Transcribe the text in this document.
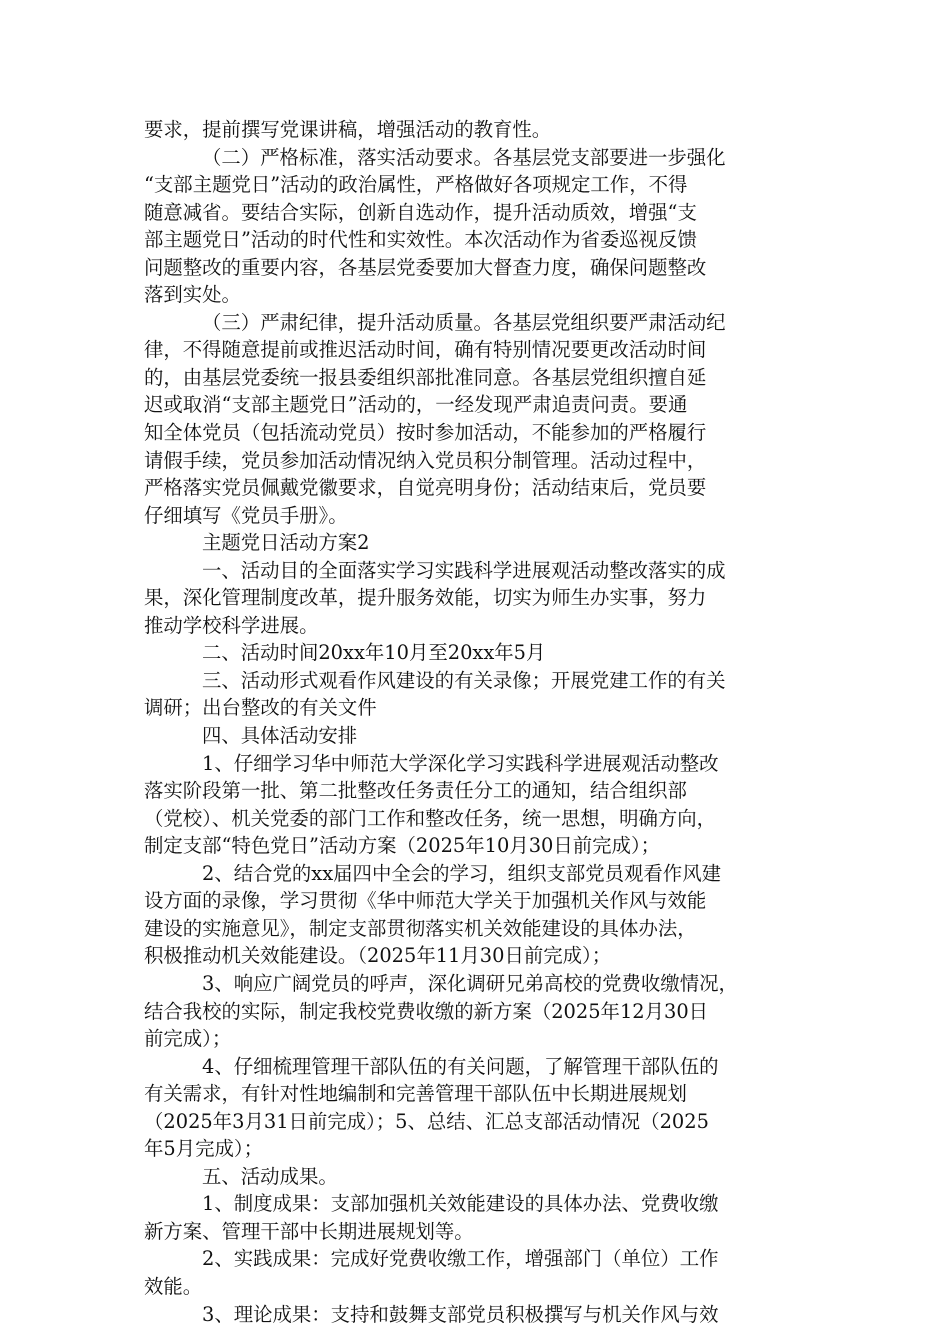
要求，提前撰写党课讲稿，增强活动的教育性。

（二）严格标准，落实活动要求。各基层党支部要进一步强化

“支部主题党日”活动的政治属性，严格做好各项规定工作，不得

随意减省。要结合实际，创新自选动作，提升活动质效，增强“支

部主题党日”活动的时代性和实效性。本次活动作为省委巡视反馈

问题整改的重要内容，各基层党委要加大督查力度，确保问题整改

落到实处。

（三）严肃纪律，提升活动质量。各基层党组织要严肃活动纪

律，不得随意提前或推迟活动时间，确有特别情况要更改活动时间

的，由基层党委统一报县委组织部批准同意。各基层党组织擅自延

迟或取消“支部主题党日”活动的，一经发现严肃追责问责。要通

知全体党员（包括流动党员）按时参加活动，不能参加的严格履行

请假手续，党员参加活动情况纳入党员积分制管理。活动过程中，

严格落实党员佩戴党徽要求，自觉亮明身份；活动结束后，党员要

仔细填写《党员手册》。

主题党日活动方案2

一、活动目的全面落实学习实践科学进展观活动整改落实的成

果，深化管理制度改革，提升服务效能，切实为师生办实事，努力

推动学校科学进展。

二、活动时间20xx年10月至20xx年5月

三、活动形式观看作风建设的有关录像；开展党建工作的有关

调研；出台整改的有关文件

四、具体活动安排

1、仔细学习华中师范大学深化学习实践科学进展观活动整改

落实阶段第一批、第二批整改任务责任分工的通知，结合组织部

（党校）、机关党委的部门工作和整改任务，统一思想，明确方向，

制定支部“特色党日”活动方案（2025年10月30日前完成）；

2、结合党的xx届四中全会的学习，组织支部党员观看作风建

设方面的录像，学习贯彻《华中师范大学关于加强机关作风与效能

建设的实施意见》，制定支部贯彻落实机关效能建设的具体办法，

积极推动机关效能建设。（2025年11月30日前完成）；

3、响应广阔党员的呼声，深化调研兄弟高校的党费收缴情况，

结合我校的实际，制定我校党费收缴的新方案（2025年12月30日

前完成）；

4、仔细梳理管理干部队伍的有关问题，了解管理干部队伍的

有关需求，有针对性地编制和完善管理干部队伍中长期进展规划

（2025年3月31日前完成）；5、总结、汇总支部活动情况（2025

年5月完成）；

五、活动成果。

1、制度成果：支部加强机关效能建设的具体办法、党费收缴

新方案、管理干部中长期进展规划等。

2、实践成果：完成好党费收缴工作，增强部门（单位）工作

效能。

3、理论成果：支持和鼓舞支部党员积极撰写与机关作风与效
